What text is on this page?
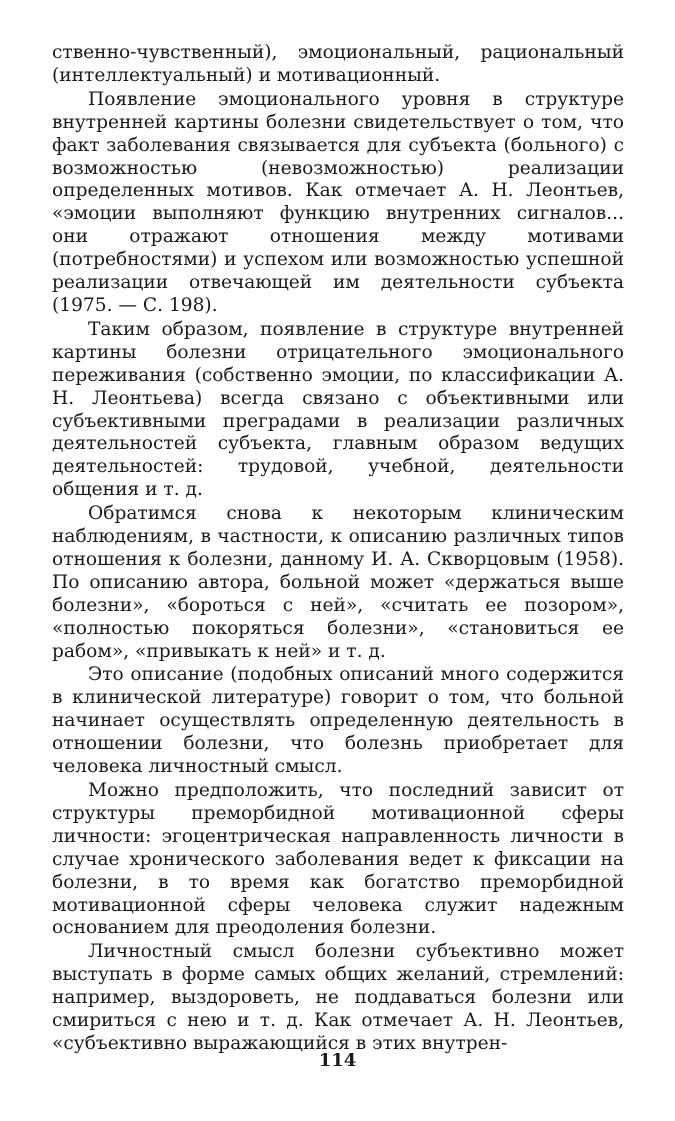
ственно-чувственный), эмоциональный, рациональный (интеллектуальный) и мотивационный.

Появление эмоционального уровня в структуре внутренней картины болезни свидетельствует о том, что факт заболевания связывается для субъекта (больного) с возможностью (невозможностью) реализации определенных мотивов. Как отмечает А. Н. Леонтьев, «эмоции выполняют функцию внутренних сигналов... они отражают отношения между мотивами (потребностями) и успехом или возможностью успешной реализации отвечающей им деятельности субъекта (1975. — С. 198).

Таким образом, появление в структуре внутренней картины болезни отрицательного эмоционального переживания (собственно эмоции, по классификации А. Н. Леонтьева) всегда связано с объективными или субъективными преградами в реализации различных деятельностей субъекта, главным образом ведущих деятельностей: трудовой, учебной, деятельности общения и т. д.

Обратимся снова к некоторым клиническим наблюдениям, в частности, к описанию различных типов отношения к болезни, данному И. А. Скворцовым (1958). По описанию автора, больной может «держаться выше болезни», «бороться с ней», «считать ее позором», «полностью покоряться болезни», «становиться ее рабом», «привыкать к ней» и т. д.

Это описание (подобных описаний много содержится в клинической литературе) говорит о том, что больной начинает осуществлять определенную деятельность в отношении болезни, что болезнь приобретает для человека личностный смысл.

Можно предположить, что последний зависит от структуры преморбидной мотивационной сферы личности: эгоцентрическая направленность личности в случае хронического заболевания ведет к фиксации на болезни, в то время как богатство преморбидной мотивационной сферы человека служит надежным основанием для преодоления болезни.

Личностный смысл болезни субъективно может выступать в форме самых общих желаний, стремлений: например, выздороветь, не поддаваться болезни или смириться с нею и т. д. Как отмечает А. Н. Леонтьев, «субъективно выражающийся в этих внутрен-

114
